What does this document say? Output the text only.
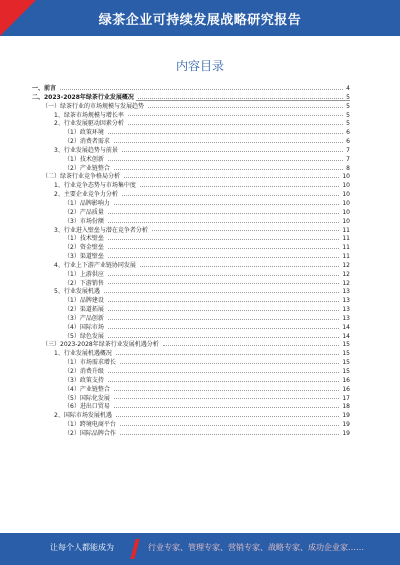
绿茶企业可持续发展战略研究报告
内容目录
一、前言	4
二、2023-2028年绿茶行业发展概况	5
（一）绿茶行业的市场规模与发展趋势	5
1、绿茶市场规模与增长率	5
2、行业发展驱动因素分析	5
（1）政策环境	6
（2）消费者需求	6
3、行业发展趋势与前景	7
（1）技术创新	7
（2）产业链整合	8
（二）绿茶行业竞争格局分析	10
1、行业竞争态势与市场集中度	10
2、主要企业竞争力分析	10
（1）品牌影响力	10
（2）产品质量	10
（3）市场份额	10
3、行业进入壁垒与潜在竞争者分析	11
（1）技术壁垒	11
（2）资金壁垒	11
（3）渠道壁垒	11
4、行业上下游产业链协同发展	12
（1）上游供应	12
（2）下游销售	12
5、行业发展机遇	13
（1）品牌建设	13
（2）渠道拓展	13
（3）产品创新	13
（4）国际市场	14
（5）绿色发展	14
（三）2023-2028年绿茶行业发展机遇分析	15
1、行业发展机遇概况	15
（1）市场需求增长	15
（2）消费升级	15
（3）政策支持	16
（4）产业链整合	16
（5）国际化发展	17
（6）进出口贸易	18
2、国际市场发展机遇	19
（1）跨境电商平台	19
（2）国际品牌合作	19
让每个人都能成为	行业专家、管理专家、营销专家、战略专家、成功企业家……
